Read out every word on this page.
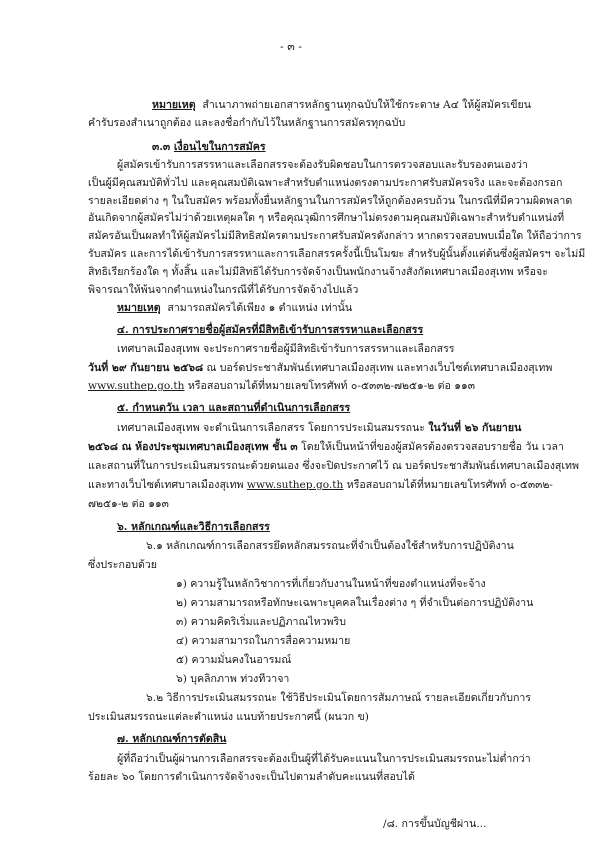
- ๓ -
หมายเหตุ สำเนาภาพถ่ายเอกสารหลักฐานทุกฉบับให้ใช้กระดาษ A๔ ให้ผู้สมัครเขียน
คำรับรองสำเนาถูกต้อง และลงชื่อกำกับไว้ในหลักฐานการสมัครทุกฉบับ
๓.๓ เงื่อนไขในการสมัคร
ผู้สมัครเข้ารับการสรรหาและเลือกสรรจะต้องรับผิดชอบในการตรวจสอบและรับรองตนเองว่า
เป็นผู้มีคุณสมบัติทั่วไป และคุณสมบัติเฉพาะสำหรับตำแหน่งตรงตามประกาศรับสมัครจริง และจะต้องกรอก
รายละเอียดต่าง ๆ ในใบสมัคร พร้อมทั้งยื่นหลักฐานในการสมัครให้ถูกต้องครบถ้วน ในกรณีที่มีความผิดพลาด
อันเกิดจากผู้สมัครไม่ว่าด้วยเหตุผลใด ๆ หรือคุณวุฒิการศึกษาไม่ตรงตามคุณสมบัติเฉพาะสำหรับตำแหน่งที่
สมัครอันเป็นผลทำให้ผู้สมัครไม่มีสิทธิสมัครตามประกาศรับสมัครดังกล่าว หากตรวจสอบพบเมื่อใด ให้ถือว่าการ
รับสมัคร และการได้เข้ารับการสรรหาและการเลือกสรรครั้งนี้เป็นโมฆะ สำหรับผู้นั้นตั้งแต่ต้นซึ่งผู้สมัครฯ จะไม่มี
สิทธิเรียกร้องใด ๆ ทั้งสิ้น และไม่มีสิทธิได้รับการจัดจ้างเป็นพนักงานจ้างสังกัดเทศบาลเมืองสุเทพ หรือจะ
พิจารณาให้พ้นจากตำแหน่งในกรณีที่ได้รับการจัดจ้างไปแล้ว
หมายเหตุ สามารถสมัครได้เพียง ๑ ตำแหน่ง เท่านั้น
๔. การประกาศรายชื่อผู้สมัครที่มีสิทธิเข้ารับการสรรหาและเลือกสรร
เทศบาลเมืองสุเทพ จะประกาศรายชื่อผู้มีสิทธิเข้ารับการสรรหาและเลือกสรร
วันที่ ๒๙ กันยายน ๒๕๖๘ ณ บอร์ดประชาสัมพันธ์เทศบาลเมืองสุเทพ และทางเว็บไซต์เทศบาลเมืองสุเทพ
www.suthep.go.th หรือสอบถามได้ที่หมายเลขโทรศัพท์ ๐-๕๓๓๒-๗๒๕๑-๒ ต่อ ๑๑๓
๕. กำหนดวัน เวลา และสถานที่ดำเนินการเลือกสรร
เทศบาลเมืองสุเทพ จะดำเนินการเลือกสรร โดยการประเมินสมรรถนะ ในวันที่ ๒๖ กันยายน
๒๕๖๘ ณ ห้องประชุมเทศบาลเมืองสุเทพ ชั้น ๓ โดยให้เป็นหน้าที่ของผู้สมัครต้องตรวจสอบรายชื่อ วัน เวลา
และสถานที่ในการประเมินสมรรถนะด้วยตนเอง ซึ่งจะปิดประกาศไว้ ณ บอร์ดประชาสัมพันธ์เทศบาลเมืองสุเทพ
และทางเว็บไซต์เทศบาลเมืองสุเทพ www.suthep.go.th หรือสอบถามได้ที่หมายเลขโทรศัพท์ ๐-๕๓๓๒-
๗๒๕๑-๒ ต่อ ๑๑๓
๖. หลักเกณฑ์และวิธีการเลือกสรร
๖.๑ หลักเกณฑ์การเลือกสรรยึดหลักสมรรถนะที่จำเป็นต้องใช้สำหรับการปฏิบัติงาน
ซึ่งประกอบด้วย
๑) ความรู้ในหลักวิชาการที่เกี่ยวกับงานในหน้าที่ของตำแหน่งที่จะจ้าง
๒) ความสามารถหรือทักษะเฉพาะบุคคลในเรื่องต่าง ๆ ที่จำเป็นต่อการปฏิบัติงาน
๓) ความคิดริเริ่มและปฏิภาณไหวพริบ
๔) ความสามารถในการสื่อความหมาย
๕) ความมั่นคงในอารมณ์
๖) บุคลิกภาพ ท่วงทีวาจา
๖.๒ วิธีการประเมินสมรรถนะ ใช้วิธีประเมินโดยการสัมภาษณ์ รายละเอียดเกี่ยวกับการ
ประเมินสมรรถนะแต่ละตำแหน่ง แนบท้ายประกาศนี้ (ผนวก ข)
๗. หลักเกณฑ์การตัดสิน
ผู้ที่ถือว่าเป็นผู้ผ่านการเลือกสรรจะต้องเป็นผู้ที่ได้รับคะแนนในการประเมินสมรรถนะไม่ต่ำกว่า
ร้อยละ ๖๐ โดยการดำเนินการจัดจ้างจะเป็นไปตามลำดับคะแนนที่สอบได้
/๘. การขึ้นบัญชีผ่าน...
